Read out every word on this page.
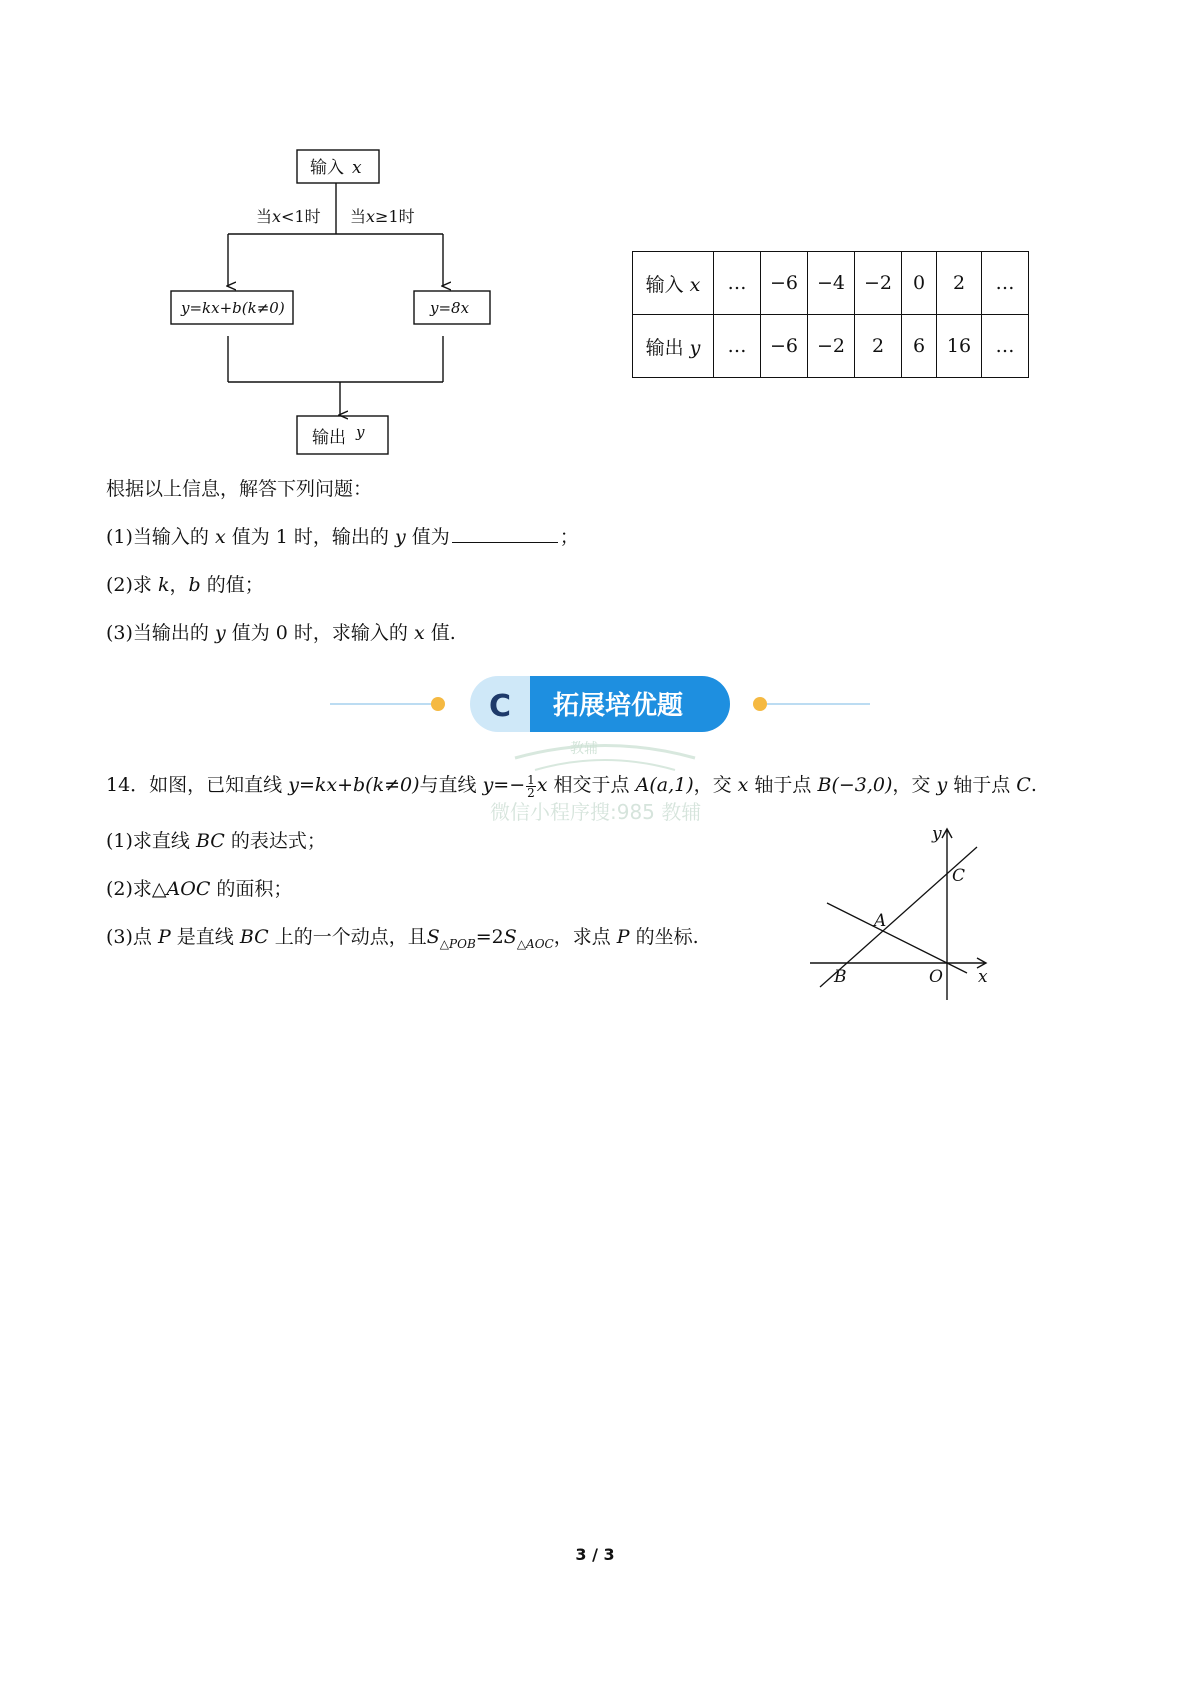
输入 x
当x<1时 当x≥1时
y=kx+b(k≠0)	y=8x
输出 y
输入 x	…	−6	−4	−2	0	2	…
输出 y	…	−6	−2	2	6	16	…
根据以上信息，解答下列问题：
(1)当输入的 x 值为 1 时，输出的 y 值为	；
(2)求 k，b 的值；
(3)当输出的 y 值为 0 时，求输入的 x 值.
C 拓展培优题
教辅
微信小程序搜:985 教辅
14．如图，已知直线 y=kx+b(k≠0)与直线 $y=- \frac{1}{2}$ x 相交于点 A(a,1)，交 x 轴于点 B(−3,0)，交 y 轴于点 C.
(1)求直线 BC 的表达式；
(2)求△AOC 的面积；
(3)点 P 是直线 BC 上的一个动点，且$S_{\triangle POB}=2S_{\triangle AOC}$，求点 P 的坐标.
y
x
C
A
B	O
3 / 3
